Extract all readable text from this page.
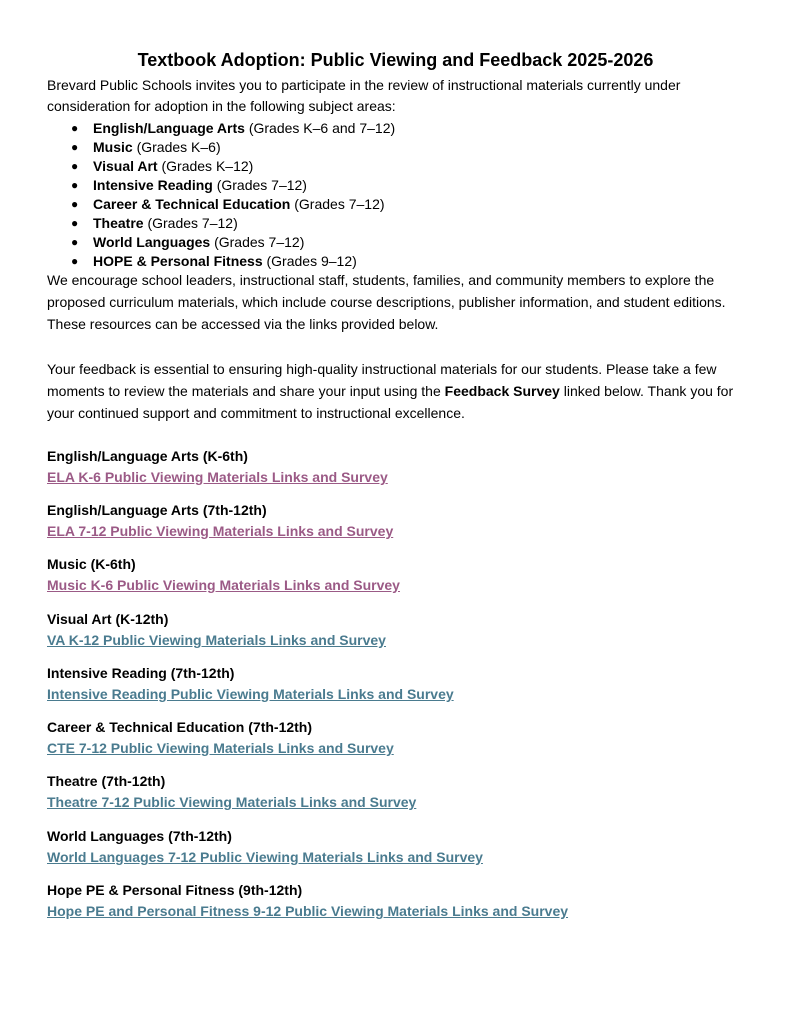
Textbook Adoption: Public Viewing and Feedback 2025-2026
Brevard Public Schools invites you to participate in the review of instructional materials currently under consideration for adoption in the following subject areas:
● English/Language Arts (Grades K–6 and 7–12)
● Music (Grades K–6)
● Visual Art (Grades K–12)
● Intensive Reading (Grades 7–12)
● Career & Technical Education (Grades 7–12)
● Theatre (Grades 7–12)
● World Languages (Grades 7–12)
● HOPE & Personal Fitness (Grades 9–12)
We encourage school leaders, instructional staff, students, families, and community members to explore the proposed curriculum materials, which include course descriptions, publisher information, and student editions. These resources can be accessed via the links provided below.
Your feedback is essential to ensuring high-quality instructional materials for our students. Please take a few moments to review the materials and share your input using the Feedback Survey linked below. Thank you for your continued support and commitment to instructional excellence.
English/Language Arts (K-6th)
ELA K-6 Public Viewing Materials Links and Survey
English/Language Arts (7th-12th)
ELA 7-12 Public Viewing Materials Links and Survey
Music (K-6th)
Music K-6 Public Viewing Materials Links and Survey
Visual Art (K-12th)
VA K-12 Public Viewing Materials Links and Survey
Intensive Reading (7th-12th)
Intensive Reading Public Viewing Materials Links and Survey
Career & Technical Education (7th-12th)
CTE 7-12 Public Viewing Materials Links and Survey
Theatre (7th-12th)
Theatre 7-12 Public Viewing Materials Links and Survey
World Languages (7th-12th)
World Languages 7-12 Public Viewing Materials Links and Survey
Hope PE & Personal Fitness (9th-12th)
Hope PE and Personal Fitness 9-12 Public Viewing Materials Links and Survey
